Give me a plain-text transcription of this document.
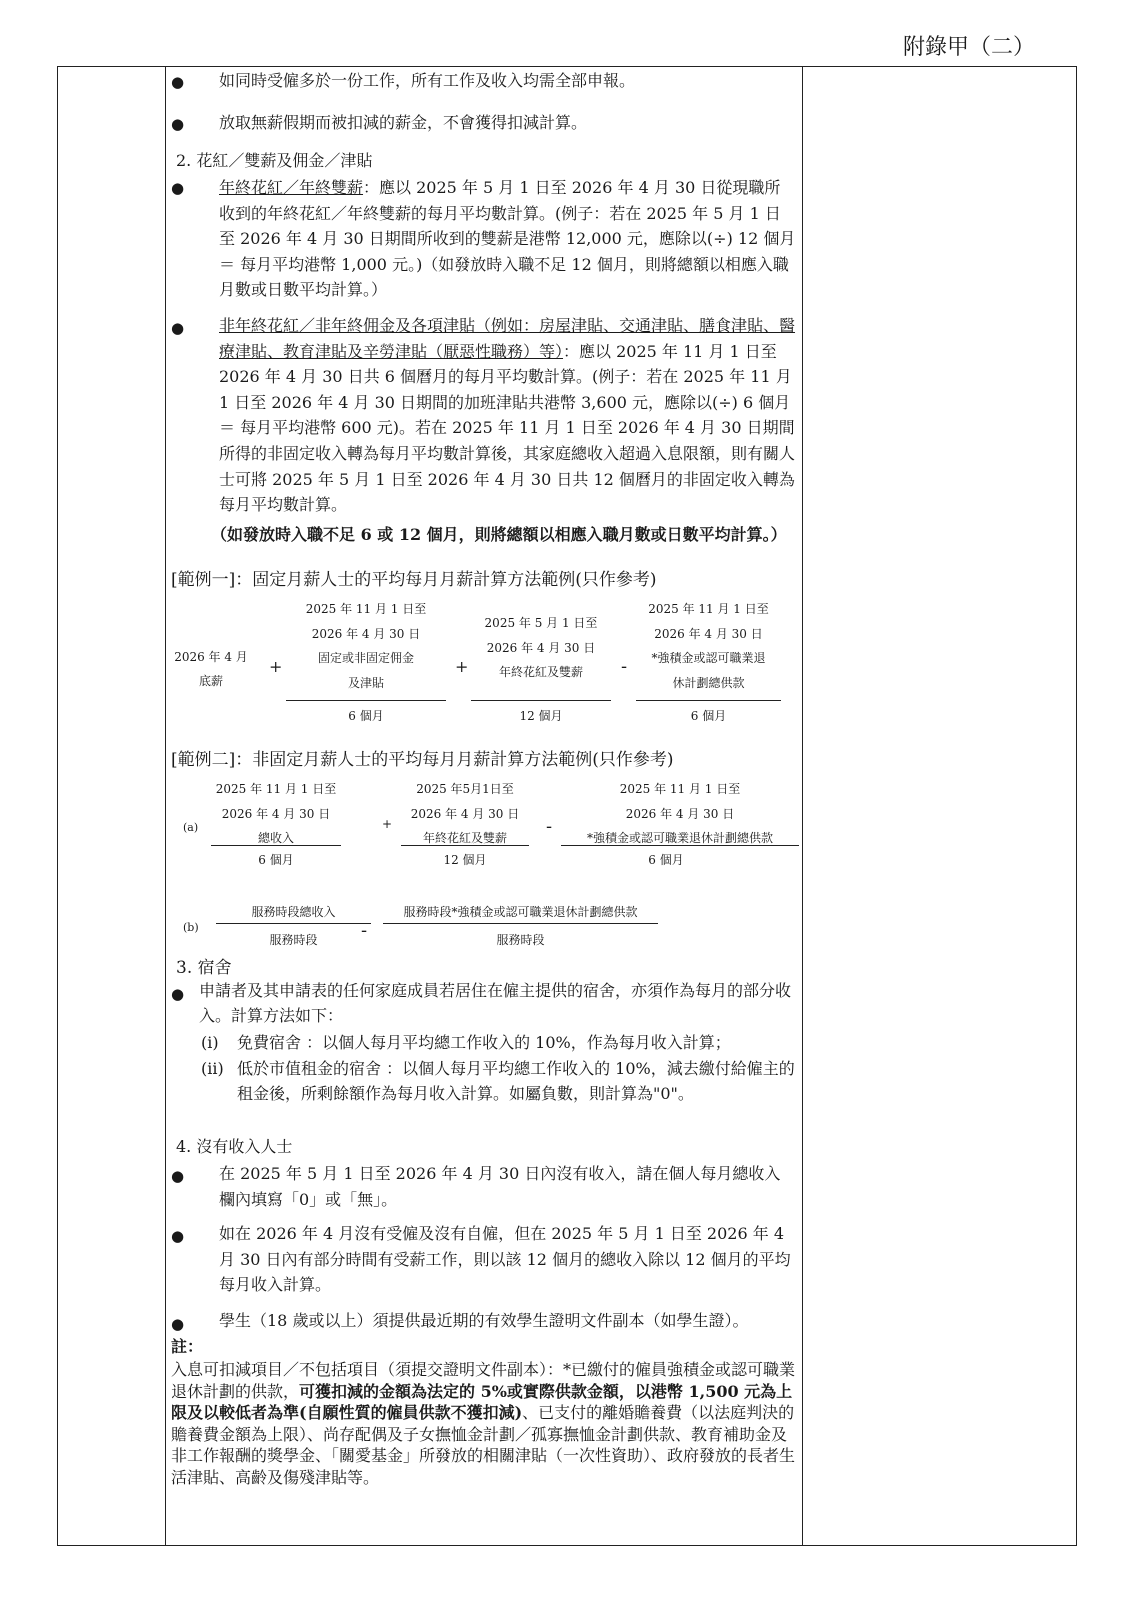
附錄甲（二）
● 如同時受僱多於一份工作，所有工作及收入均需全部申報。
● 放取無薪假期而被扣減的薪金，不會獲得扣減計算。
2. 花紅／雙薪及佣金／津貼
● 年終花紅／年終雙薪：應以 2025 年 5 月 1 日至 2026 年 4 月 30 日從現職所收到的年終花紅／年終雙薪的每月平均數計算。(例子：若在 2025 年 5 月 1 日至 2026 年 4 月 30 日期間所收到的雙薪是港幣 12,000 元，應除以(÷) 12 個月 ＝ 每月平均港幣 1,000 元。)（如發放時入職不足 12 個月，則將總額以相應入職月數或日數平均計算。）
● 非年終花紅／非年終佣金及各項津貼（例如：房屋津貼、交通津貼、膳食津貼、醫療津貼、教育津貼及辛勞津貼（厭惡性職務）等）：應以 2025 年 11 月 1 日至 2026 年 4 月 30 日共 6 個曆月的每月平均數計算。(例子：若在 2025 年 11 月 1 日至 2026 年 4 月 30 日期間的加班津貼共港幣 3,600 元，應除以(÷) 6 個月 ＝ 每月平均港幣 600 元)。若在 2025 年 11 月 1 日至 2026 年 4 月 30 日期間所得的非固定收入轉為每月平均數計算後，其家庭總收入超過入息限額，則有關人士可將 2025 年 5 月 1 日至 2026 年 4 月 30 日共 12 個曆月的非固定收入轉為每月平均數計算。
（如發放時入職不足 6 或 12 個月，則將總額以相應入職月數或日數平均計算。）
[範例一]：固定月薪人士的平均每月月薪計算方法範例(只作參考)
2026 年 4 月
底薪
+
2025 年 11 月 1 日至
2026 年 4 月 30 日
固定或非固定佣金
及津貼
6 個月
+
2025 年 5 月 1 日至
2026 年 4 月 30 日
年終花紅及雙薪
12 個月
-
2025 年 11 月 1 日至
2026 年 4 月 30 日
*強積金或認可職業退
休計劃總供款
6 個月
[範例二]：非固定月薪人士的平均每月月薪計算方法範例(只作參考)
(a)
2025 年 11 月 1 日至
2026 年 4 月 30 日
總收入
6 個月
+
2025 年5月1日至
2026 年 4 月 30 日
年終花紅及雙薪
12 個月
-
2025 年 11 月 1 日至
2026 年 4 月 30 日
*強積金或認可職業退休計劃總供款
6 個月
(b)
服務時段總收入
服務時段	-
服務時段*強積金或認可職業退休計劃總供款
服務時段
3. 宿舍
● 申請者及其申請表的任何家庭成員若居住在僱主提供的宿舍，亦須作為每月的部分收入。計算方法如下：
(i) 免費宿舍 ：以個人每月平均總工作收入的 10%，作為每月收入計算；
(ii) 低於市值租金的宿舍 ：以個人每月平均總工作收入的 10%，減去繳付給僱主的租金後，所剩餘額作為每月收入計算。如屬負數，則計算為"0"。
4. 沒有收入人士
● 在 2025 年 5 月 1 日至 2026 年 4 月 30 日內沒有收入，請在個人每月總收入欄內填寫「0」或「無」。
● 如在 2026 年 4 月沒有受僱及沒有自僱，但在 2025 年 5 月 1 日至 2026 年 4 月 30 日內有部分時間有受薪工作，則以該 12 個月的總收入除以 12 個月的平均每月收入計算。
● 學生（18 歲或以上）須提供最近期的有效學生證明文件副本（如學生證）。
註：
入息可扣減項目／不包括項目（須提交證明文件副本）：*已繳付的僱員強積金或認可職業退休計劃的供款，可獲扣減的金額為法定的 5%或實際供款金額，以港幣 1,500 元為上限及以較低者為準(自願性質的僱員供款不獲扣減)、已支付的離婚贍養費（以法庭判決的贍養費金額為上限）、尚存配偶及子女撫恤金計劃／孤寡撫恤金計劃供款、教育補助金及非工作報酬的獎學金、「關愛基金」所發放的相關津貼（一次性資助）、政府發放的長者生活津貼、高齡及傷殘津貼等。
